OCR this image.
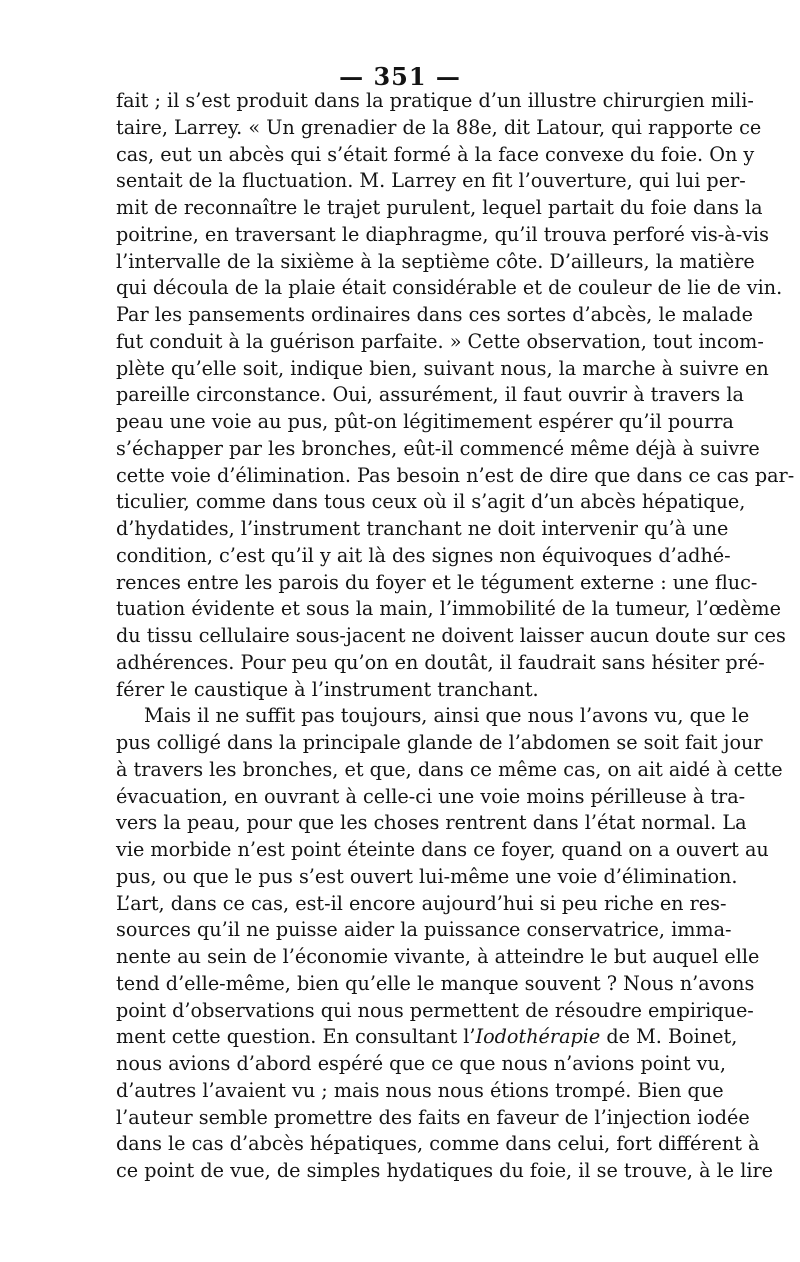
— 351 —
fait ; il s’est produit dans la pratique d’un illustre chirurgien mili-
taire, Larrey. « Un grenadier de la 88e, dit Latour, qui rapporte ce
cas, eut un abcès qui s’était formé à la face convexe du foie. On y
sentait de la fluctuation. M. Larrey en fit l’ouverture, qui lui per-
mit de reconnaître le trajet purulent, lequel partait du foie dans la
poitrine, en traversant le diaphragme, qu’il trouva perforé vis-à-vis
l’intervalle de la sixième à la septième côte. D’ailleurs, la matière
qui découla de la plaie était considérable et de couleur de lie de vin.
Par les pansements ordinaires dans ces sortes d’abcès, le malade
fut conduit à la guérison parfaite. » Cette observation, tout incom-
plète qu’elle soit, indique bien, suivant nous, la marche à suivre en
pareille circonstance. Oui, assurément, il faut ouvrir à travers la
peau une voie au pus, pût-on légitimement espérer qu’il pourra
s’échapper par les bronches, eût-il commencé même déjà à suivre
cette voie d’élimination. Pas besoin n’est de dire que dans ce cas par-
ticulier, comme dans tous ceux où il s’agit d’un abcès hépatique,
d’hydatides, l’instrument tranchant ne doit intervenir qu’à une
condition, c’est qu’il y ait là des signes non équivoques d’adhé-
rences entre les parois du foyer et le tégument externe : une fluc-
tuation évidente et sous la main, l’immobilité de la tumeur, l’œdème
du tissu cellulaire sous-jacent ne doivent laisser aucun doute sur ces
adhérences. Pour peu qu’on en doutât, il faudrait sans hésiter pré-
férer le caustique à l’instrument tranchant.
Mais il ne suffit pas toujours, ainsi que nous l’avons vu, que le
pus colligé dans la principale glande de l’abdomen se soit fait jour
à travers les bronches, et que, dans ce même cas, on ait aidé à cette
évacuation, en ouvrant à celle-ci une voie moins périlleuse à tra-
vers la peau, pour que les choses rentrent dans l’état normal. La
vie morbide n’est point éteinte dans ce foyer, quand on a ouvert au
pus, ou que le pus s’est ouvert lui-même une voie d’élimination.
L’art, dans ce cas, est-il encore aujourd’hui si peu riche en res-
sources qu’il ne puisse aider la puissance conservatrice, imma-
nente au sein de l’économie vivante, à atteindre le but auquel elle
tend d’elle-même, bien qu’elle le manque souvent ? Nous n’avons
point d’observations qui nous permettent de résoudre empirique-
ment cette question. En consultant l’Iodothérapie de M. Boinet,
nous avions d’abord espéré que ce que nous n’avions point vu,
d’autres l’avaient vu ; mais nous nous étions trompé. Bien que
l’auteur semble promettre des faits en faveur de l’injection iodée
dans le cas d’abcès hépatiques, comme dans celui, fort différent à
ce point de vue, de simples hydatiques du foie, il se trouve, à le lire
